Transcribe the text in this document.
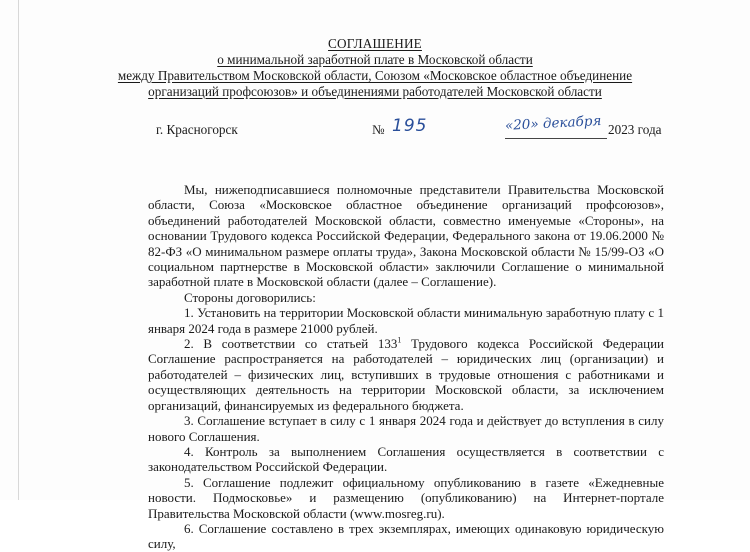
СОГЛАШЕНИЕ
о минимальной заработной плате в Московской области
между Правительством Московской области, Союзом «Московское областное объединение
организаций профсоюзов» и объединениями работодателей Московской области
г. Красногорск	№ 195	«20» декабря 2023 года

Мы, нижеподписавшиеся полномочные представители Правительства Московской области, Союза «Московское областное объединение организаций профсоюзов», объединений работодателей Московской области, совместно именуемые «Стороны», на основании Трудового кодекса Российской Федерации, Федерального закона от 19.06.2000 № 82-ФЗ «О минимальном размере оплаты труда», Закона Московской области № 15/99-ОЗ «О социальном партнерстве в Московской области» заключили Соглашение о минимальной заработной плате в Московской области (далее – Соглашение).

Стороны договорились:

1. Установить на территории Московской области минимальную заработную плату с 1 января 2024 года в размере 21000 рублей.

2. В соответствии со статьей $133^1$ Трудового кодекса Российской Федерации Соглашение распространяется на работодателей – юридических лиц (организации) и работодателей – физических лиц, вступивших в трудовые отношения с работниками и осуществляющих деятельность на территории Московской области, за исключением организаций, финансируемых из федерального бюджета.

3. Соглашение вступает в силу с 1 января 2024 года и действует до вступления в силу нового Соглашения.

4. Контроль за выполнением Соглашения осуществляется в соответствии с законодательством Российской Федерации.

5. Соглашение подлежит официальному опубликованию в газете «Ежедневные новости. Подмосковье» и размещению (опубликованию) на Интернет-портале Правительства Московской области (www.mosreg.ru).

6. Соглашение составлено в трех экземплярах, имеющих одинаковую юридическую силу,
